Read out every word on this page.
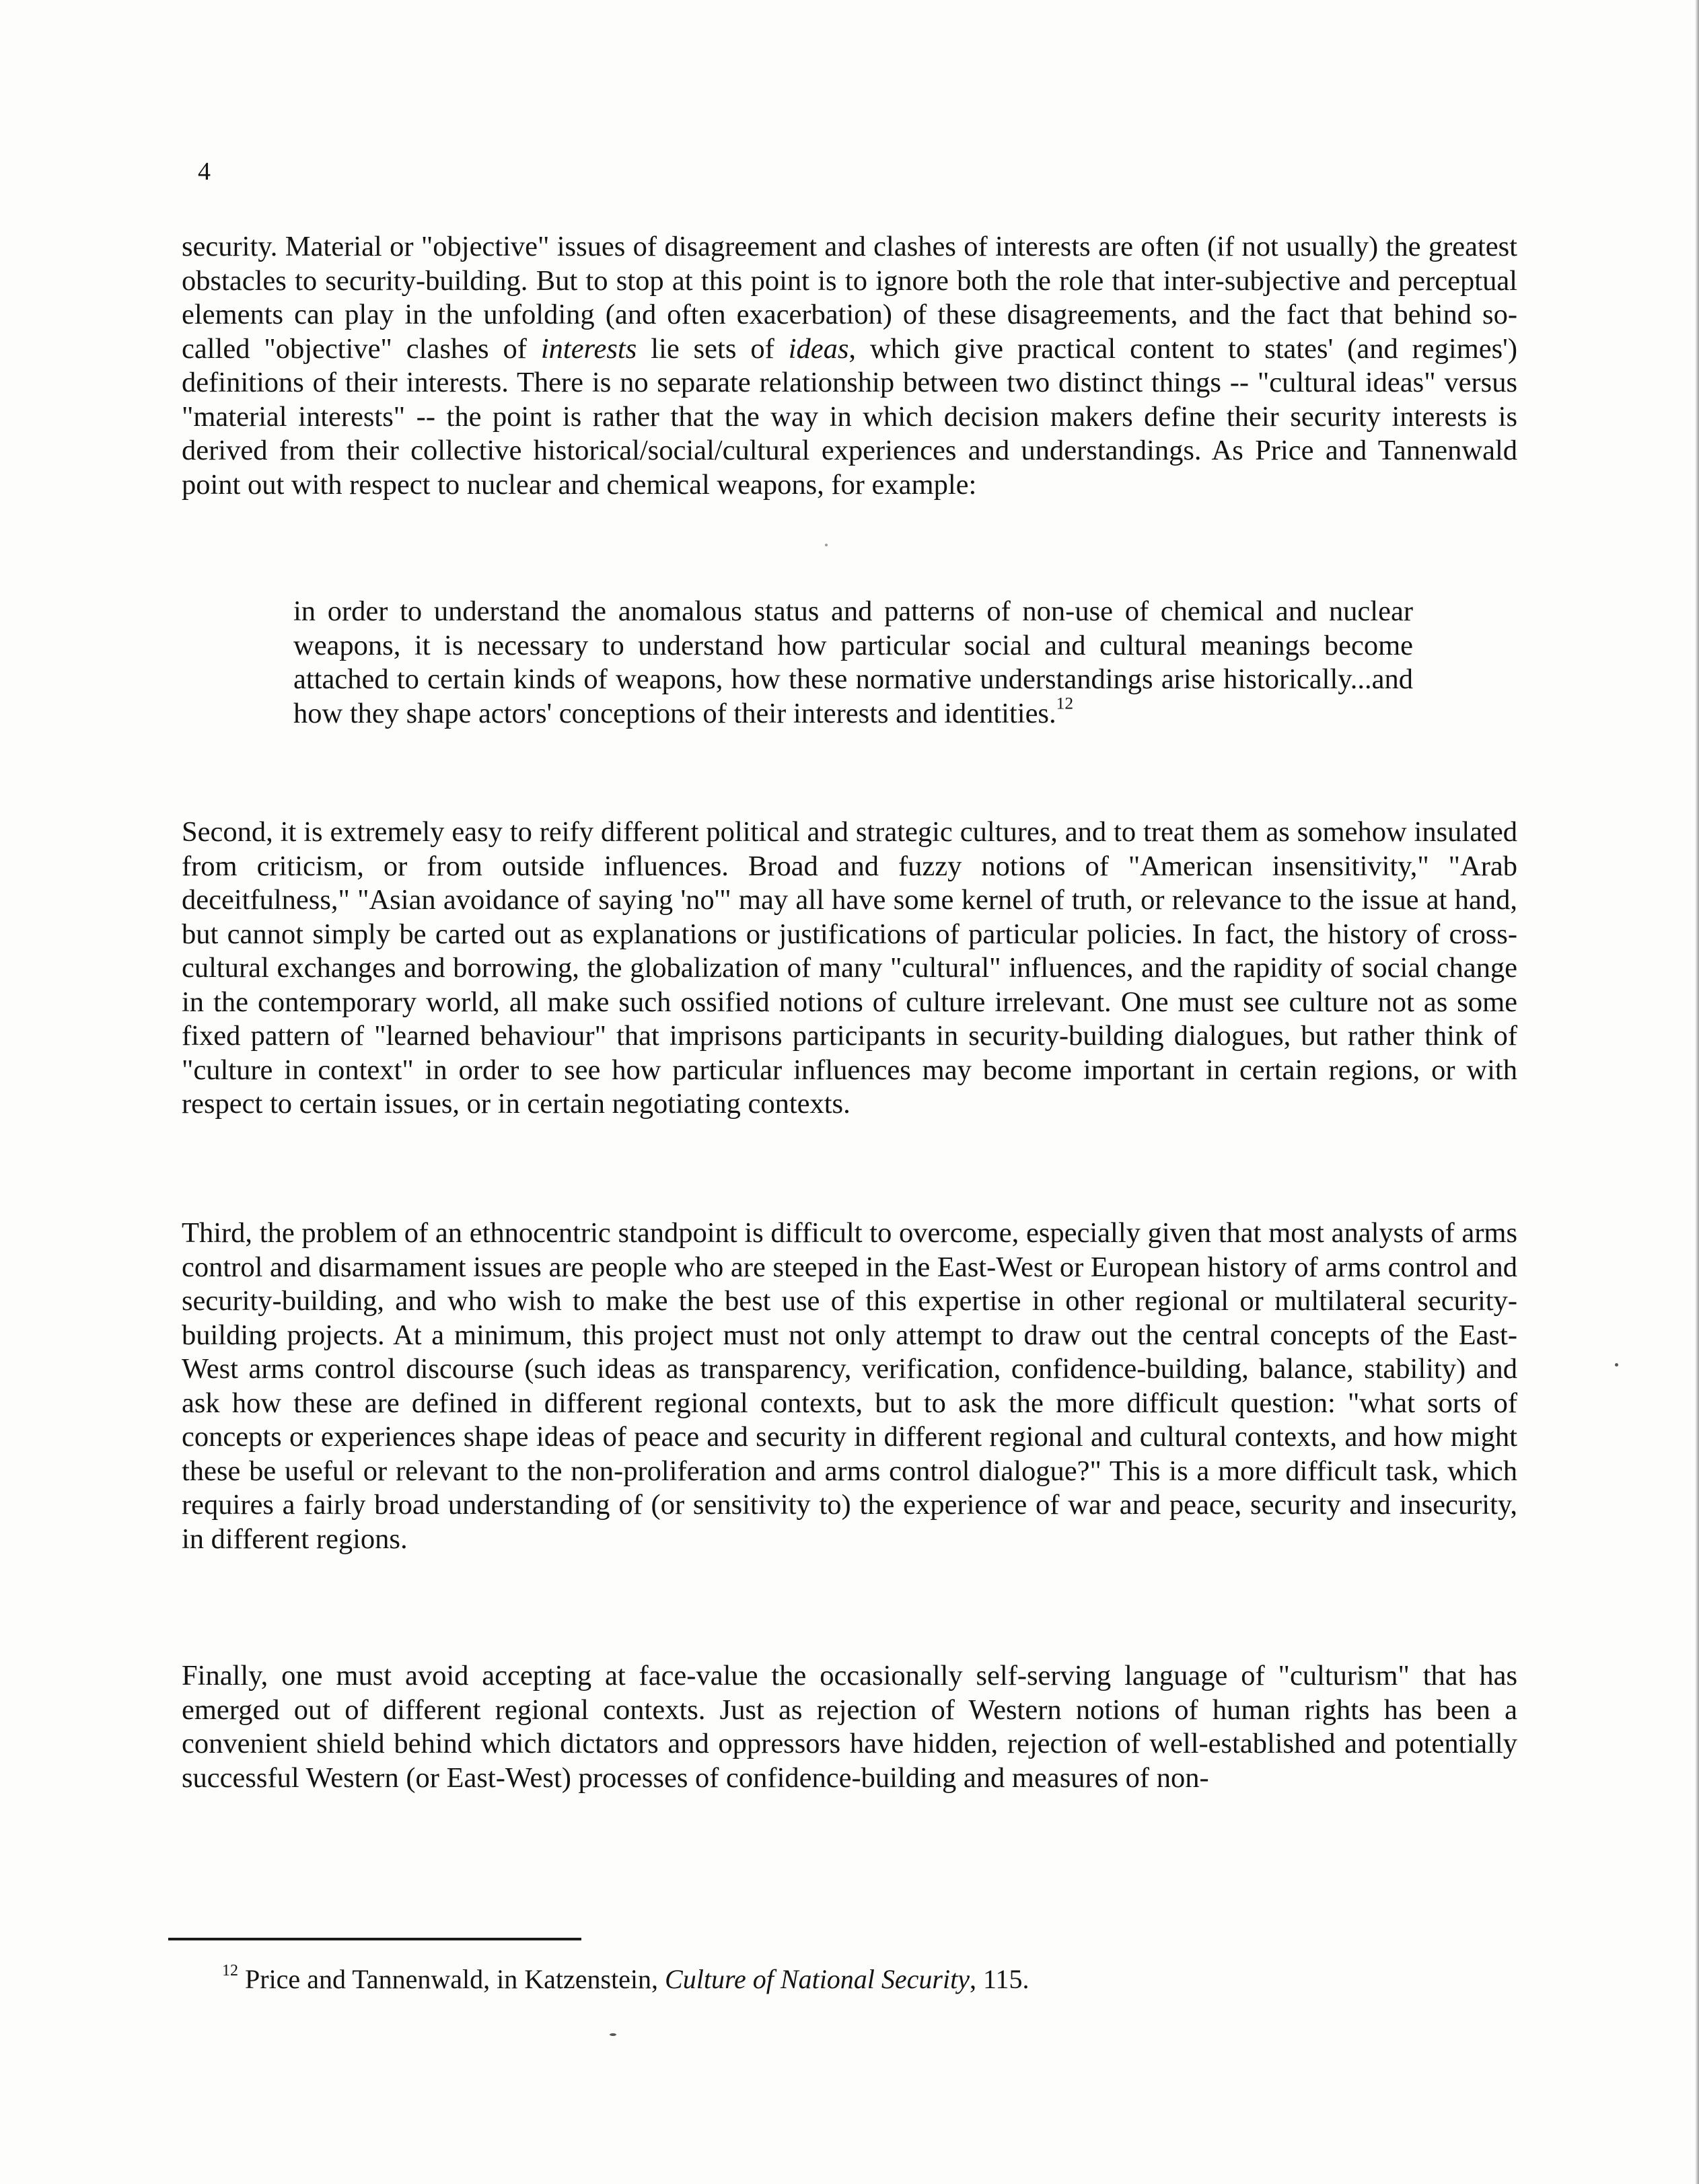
4

security. Material or "objective" issues of disagreement and clashes of interests are often (if not usually) the greatest obstacles to security-building. But to stop at this point is to ignore both the role that inter-subjective and perceptual elements can play in the unfolding (and often exacerbation) of these disagreements, and the fact that behind so-called "objective" clashes of interests lie sets of ideas, which give practical content to states' (and regimes') definitions of their interests. There is no separate relationship between two distinct things -- "cultural ideas" versus "material interests" -- the point is rather that the way in which decision makers define their security interests is derived from their collective historical/social/cultural experiences and understandings. As Price and Tannenwald point out with respect to nuclear and chemical weapons, for example:

in order to understand the anomalous status and patterns of non-use of chemical and nuclear weapons, it is necessary to understand how particular social and cultural meanings become attached to certain kinds of weapons, how these normative understandings arise historically...and how they shape actors' conceptions of their interests and identities.$^{12}$

Second, it is extremely easy to reify different political and strategic cultures, and to treat them as somehow insulated from criticism, or from outside influences. Broad and fuzzy notions of "American insensitivity," "Arab deceitfulness," "Asian avoidance of saying 'no'" may all have some kernel of truth, or relevance to the issue at hand, but cannot simply be carted out as explanations or justifications of particular policies. In fact, the history of cross-cultural exchanges and borrowing, the globalization of many "cultural" influences, and the rapidity of social change in the contemporary world, all make such ossified notions of culture irrelevant. One must see culture not as some fixed pattern of "learned behaviour" that imprisons participants in security-building dialogues, but rather think of "culture in context" in order to see how particular influences may become important in certain regions, or with respect to certain issues, or in certain negotiating contexts.

Third, the problem of an ethnocentric standpoint is difficult to overcome, especially given that most analysts of arms control and disarmament issues are people who are steeped in the East-West or European history of arms control and security-building, and who wish to make the best use of this expertise in other regional or multilateral security-building projects. At a minimum, this project must not only attempt to draw out the central concepts of the East-West arms control discourse (such ideas as transparency, verification, confidence-building, balance, stability) and ask how these are defined in different regional contexts, but to ask the more difficult question: "what sorts of concepts or experiences shape ideas of peace and security in different regional and cultural contexts, and how might these be useful or relevant to the non-proliferation and arms control dialogue?" This is a more difficult task, which requires a fairly broad understanding of (or sensitivity to) the experience of war and peace, security and insecurity, in different regions.

Finally, one must avoid accepting at face-value the occasionally self-serving language of "culturism" that has emerged out of different regional contexts. Just as rejection of Western notions of human rights has been a convenient shield behind which dictators and oppressors have hidden, rejection of well-established and potentially successful Western (or East-West) processes of confidence-building and measures of non-

$^{12}$ Price and Tannenwald, in Katzenstein, Culture of National Security, 115.
